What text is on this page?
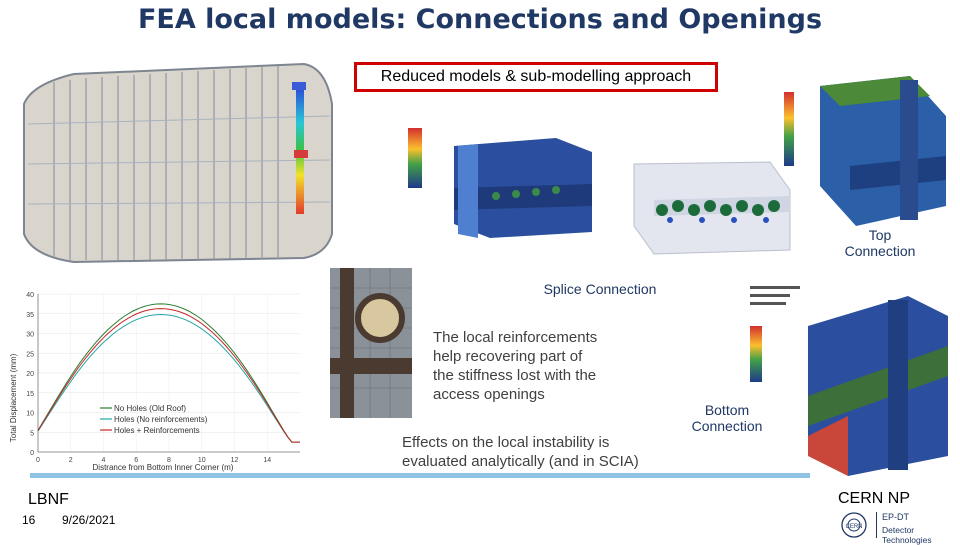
FEA local models: Connections and Openings
Reduced models & sub-modelling approach
Top
Connection
Splice Connection
The local reinforcements
help recovering part of
the stiffness lost with the
access openings
Effects on the local instability is
evaluated analytically (and in SCIA)
Bottom
Connection
0
5
10
15
20
25
30
35
40
0	2	4	6	8	10	12	14
No Holes (Old Roof)
Holes (No reinforcements)
Holes + Reinforcements
Total Displacement (mm)
Distrance from Bottom Inner Corner (m)
LBNF
16 9/26/2021
CERN NP
CERN
EP-DT
Detector Technologies
